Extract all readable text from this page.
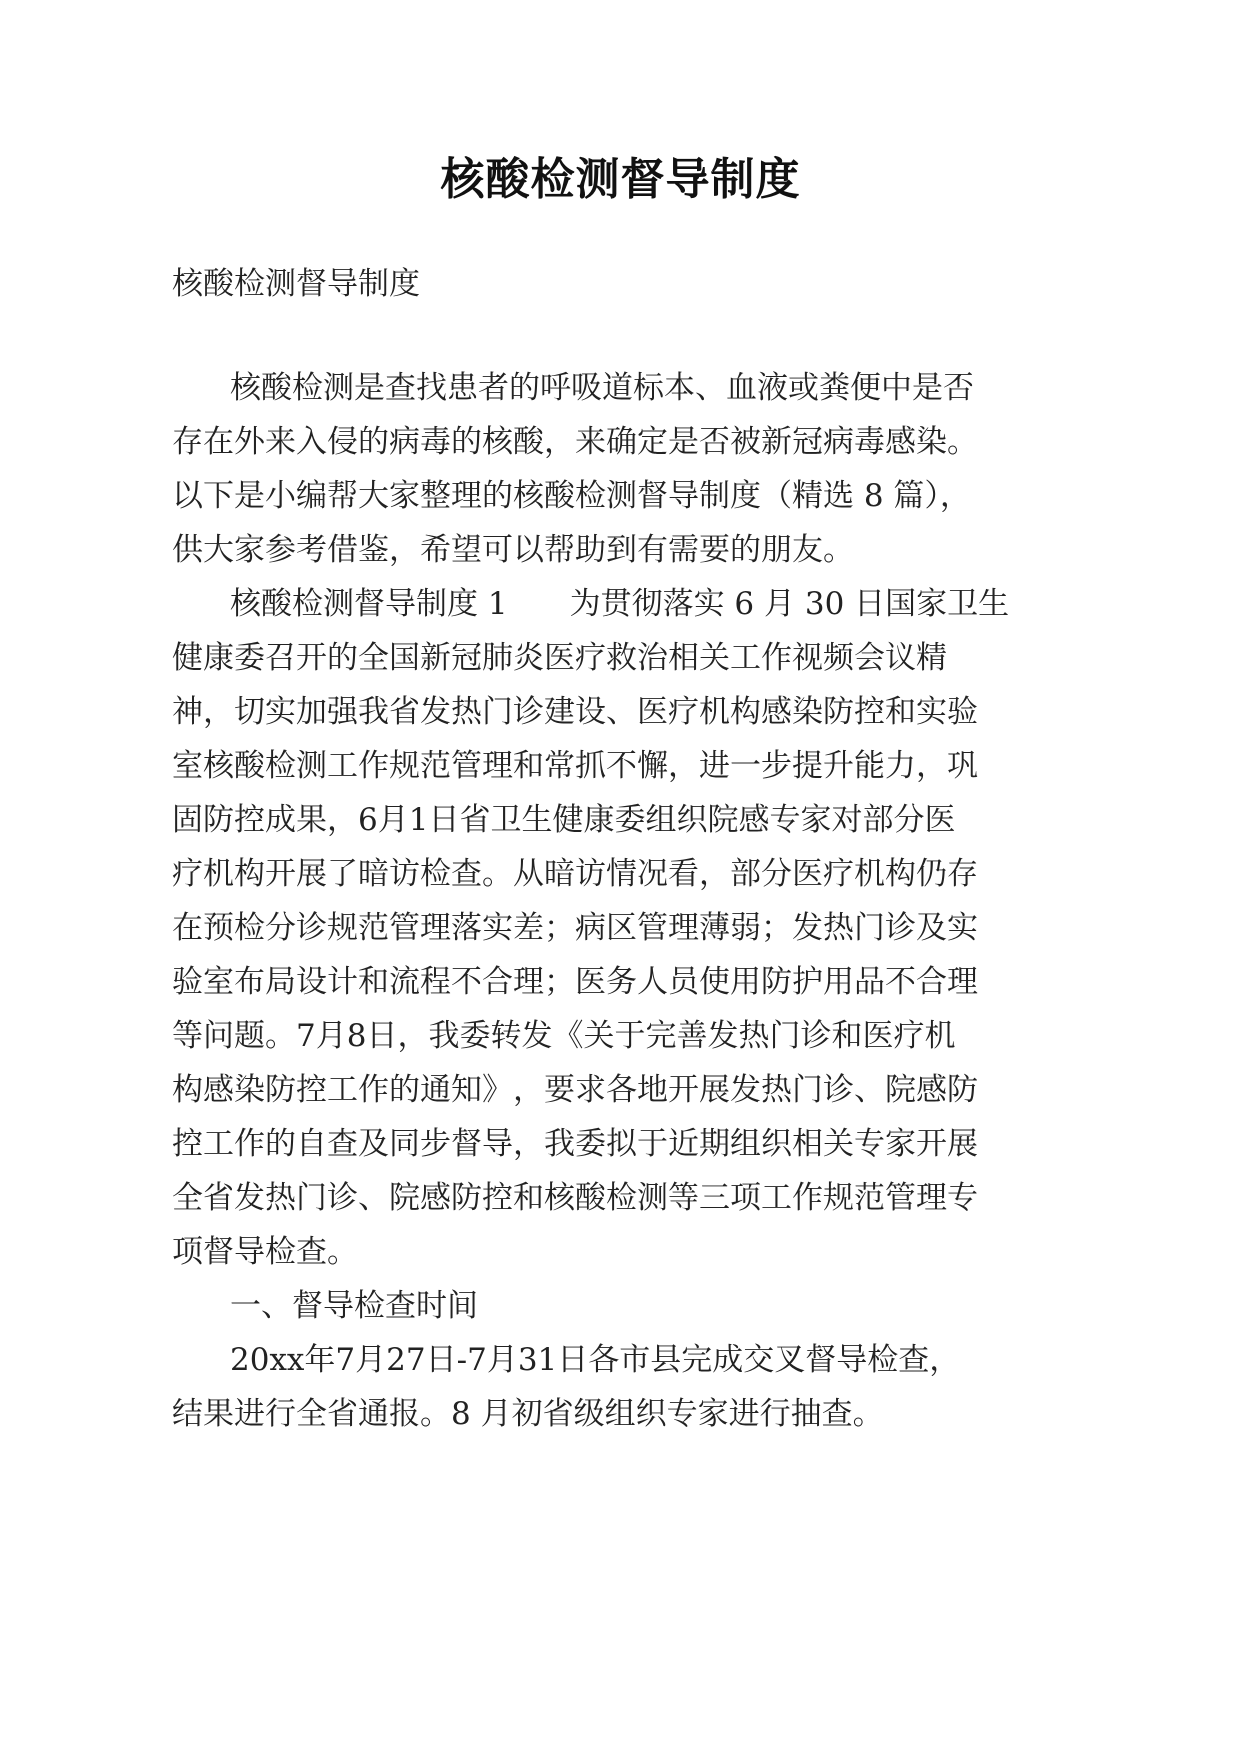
核酸检测督导制度
核酸检测督导制度
核 酸 检 测 是 查 找 患 者 的 呼 吸 道 标 本 、 血 液 或 粪 便 中 是 否
存 在 外 来 入 侵 的 病 毒 的 核 酸 ， 来 确 定 是 否 被 新 冠 病 毒 感 染 。
以下是小编帮大家整理的核酸检测督导制度（精选 8 篇），
供大家参考借鉴，希望可以帮助到有需要的朋友。
核酸检测督导制度 1　　为贯彻落实 6 月 30 日国家卫生
健 康 委 召 开 的 全 国 新 冠 肺 炎 医 疗 救 治 相 关 工 作 视 频 会 议 精
神 ， 切 实 加 强 我 省 发 热 门 诊 建 设 、 医 疗 机 构 感 染 防 控 和 实 验
室 核 酸 检 测 工 作 规 范 管 理 和 常 抓 不 懈 ， 进 一 步 提 升 能 力 ， 巩
固 防 控 成 果 ， 6 月 1 日 省 卫 生 健 康 委 组 织 院 感 专 家 对 部 分 医
疗 机 构 开 展 了 暗 访 检 查 。 从 暗 访 情 况 看 ， 部 分 医 疗 机 构 仍 存
在 预 检 分 诊 规 范 管 理 落 实 差 ； 病 区 管 理 薄 弱 ； 发 热 门 诊 及 实
验 室 布 局 设 计 和 流 程 不 合 理 ； 医 务 人 员 使 用 防 护 用 品 不 合 理
等 问 题 。 7 月 8 日 ， 我 委 转 发 《 关 于 完 善 发 热 门 诊 和 医 疗 机
构 感 染 防 控 工 作 的 通 知 》 ， 要 求 各 地 开 展 发 热 门 诊 、 院 感 防
控 工 作 的 自 查 及 同 步 督 导 ， 我 委 拟 于 近 期 组 织 相 关 专 家 开 展
全 省 发 热 门 诊 、 院 感 防 控 和 核 酸 检 测 等 三 项 工 作 规 范 管 理 专
项督导检查。
一、督导检查时间
20xx 年 7 月 27 日 -7 月 31 日 各 市 县 完 成 交 叉 督 导 检 查 ，
结果进行全省通报。8 月初省级组织专家进行抽查。
